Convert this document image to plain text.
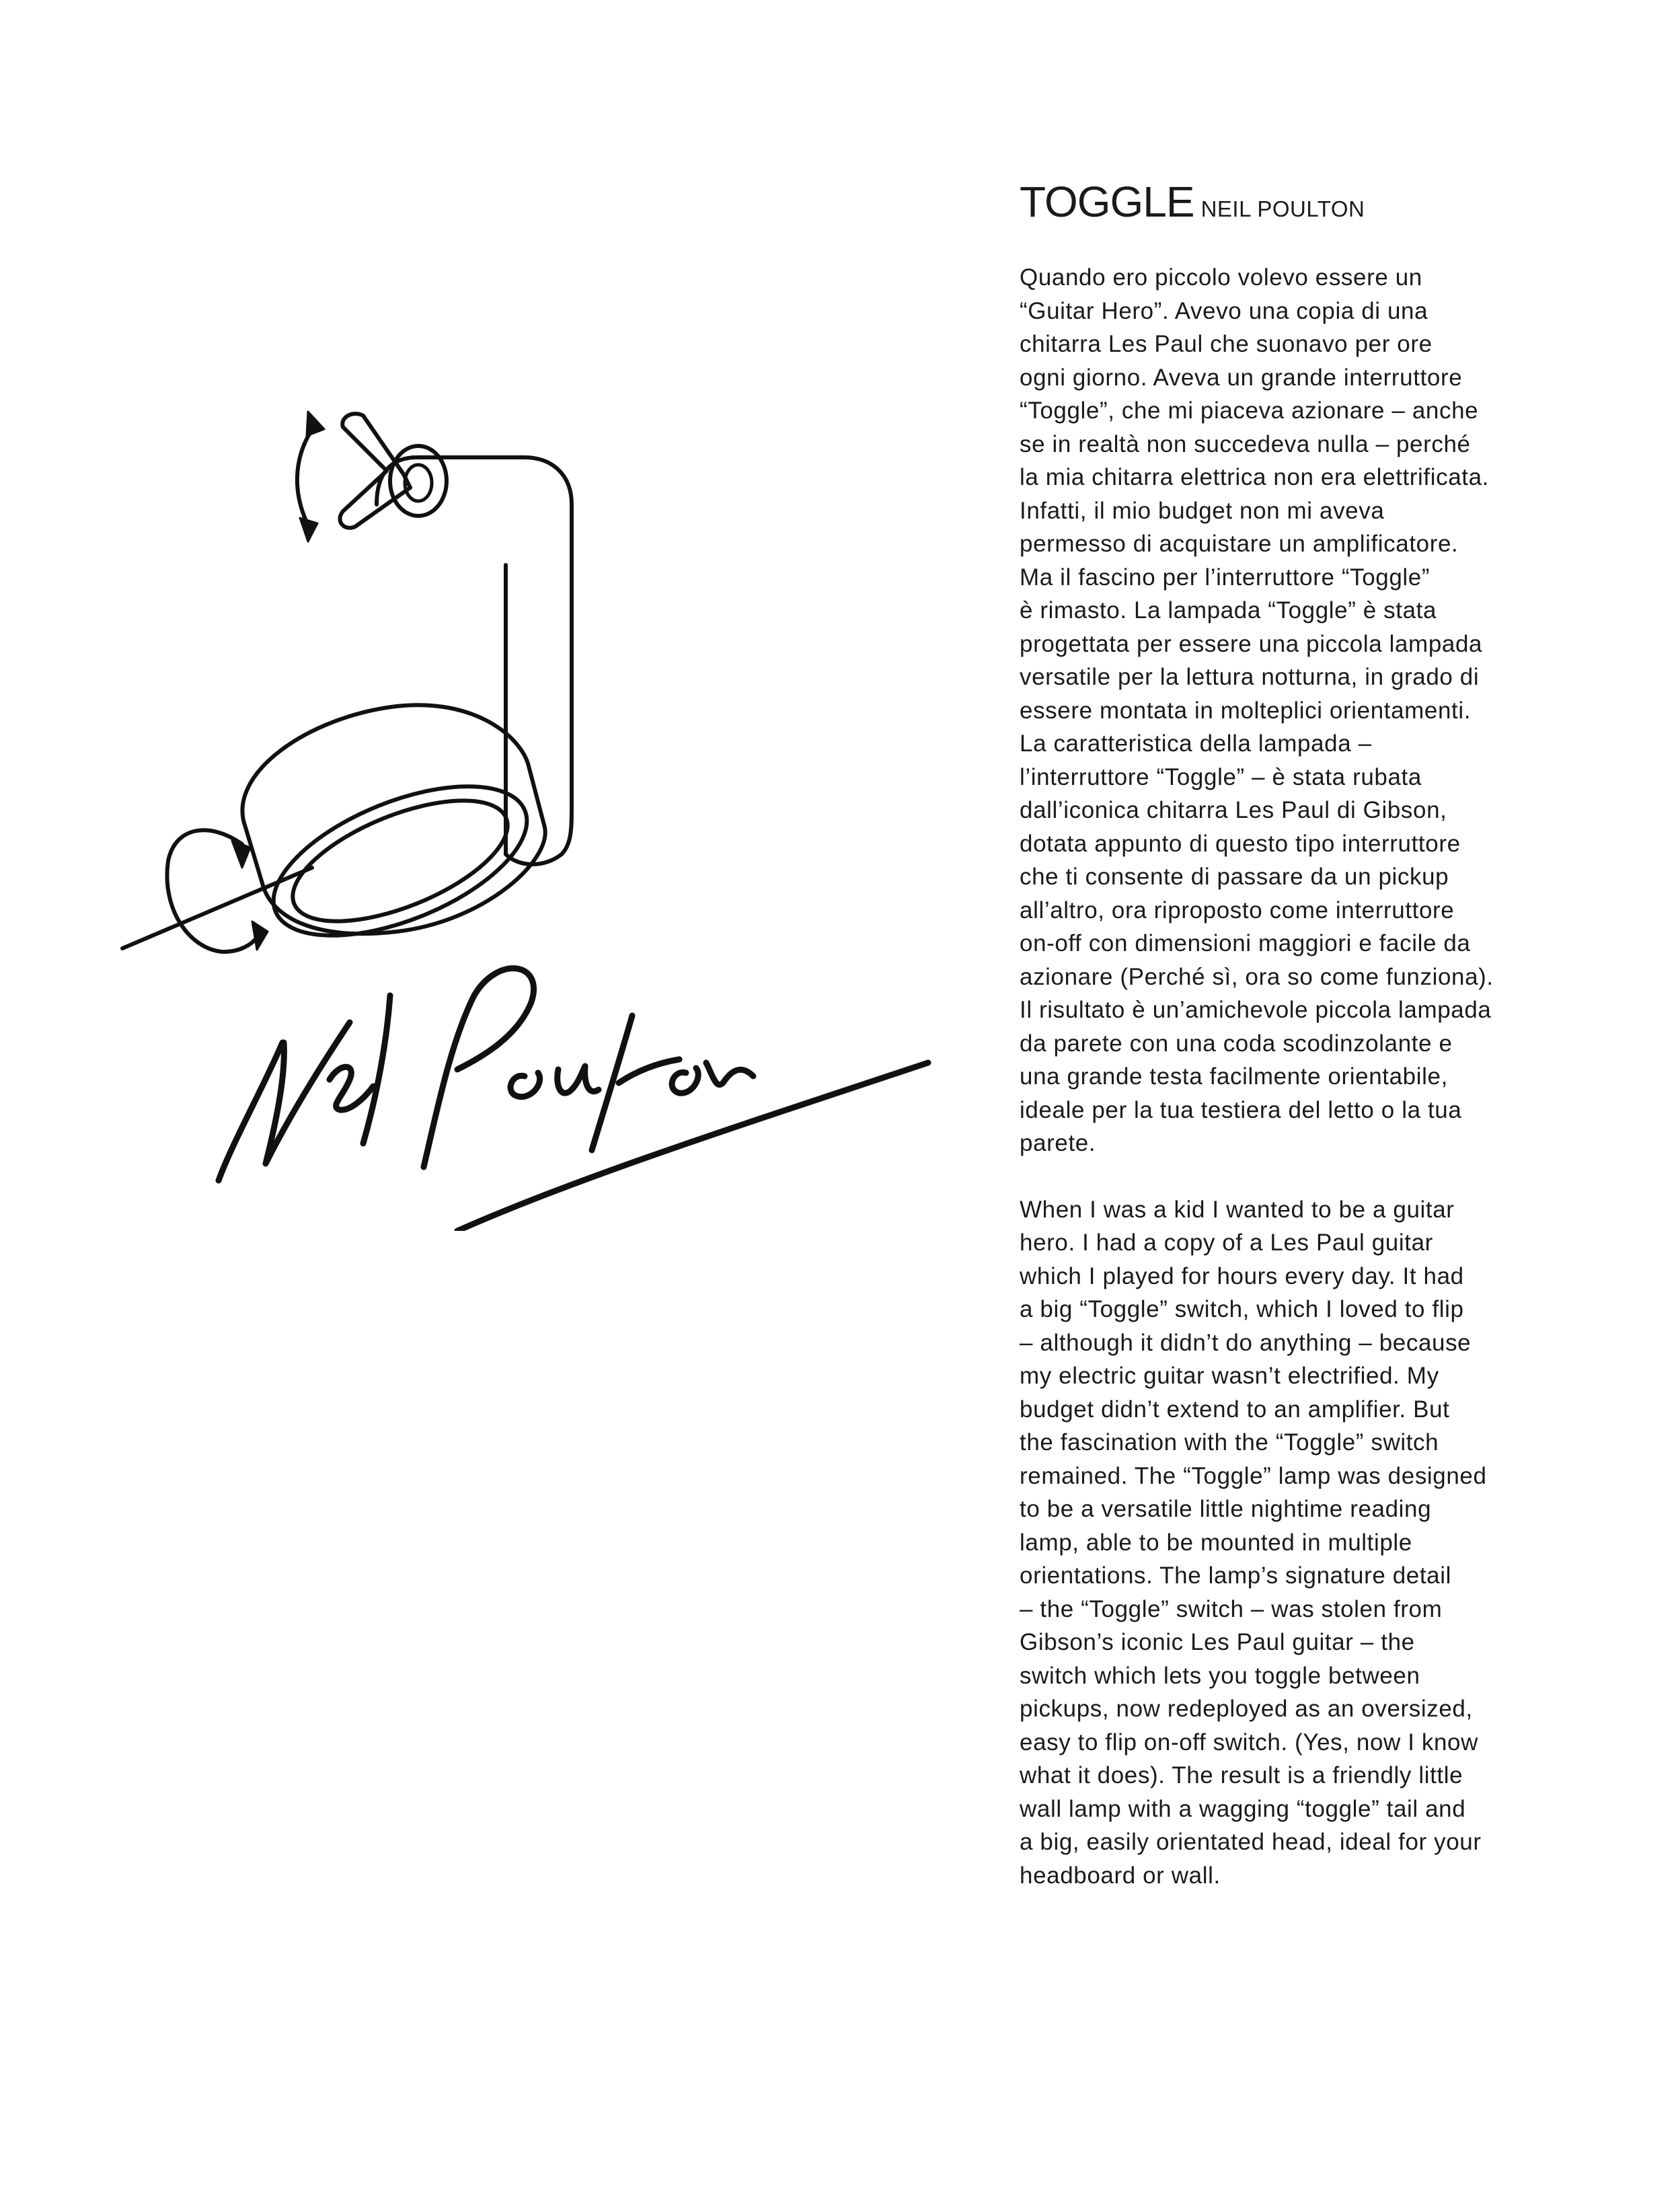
TOGGLE NEIL POULTON

Quando ero piccolo volevo essere un
“Guitar Hero”. Avevo una copia di una
chitarra Les Paul che suonavo per ore
ogni giorno. Aveva un grande interruttore
“Toggle”, che mi piaceva azionare – anche
se in realtà non succedeva nulla – perché
la mia chitarra elettrica non era elettrificata.
Infatti, il mio budget non mi aveva
permesso di acquistare un amplificatore.
Ma il fascino per l’interruttore “Toggle”
è rimasto. La lampada “Toggle” è stata
progettata per essere una piccola lampada
versatile per la lettura notturna, in grado di
essere montata in molteplici orientamenti.
La caratteristica della lampada –
l’interruttore “Toggle” – è stata rubata
dall’iconica chitarra Les Paul di Gibson,
dotata appunto di questo tipo interruttore
che ti consente di passare da un pickup
all’altro, ora riproposto come interruttore
on-off con dimensioni maggiori e facile da
azionare (Perché sì, ora so come funziona).
Il risultato è un’amichevole piccola lampada
da parete con una coda scodinzolante e
una grande testa facilmente orientabile,
ideale per la tua testiera del letto o la tua
parete.

When I was a kid I wanted to be a guitar
hero. I had a copy of a Les Paul guitar
which I played for hours every day. It had
a big “Toggle” switch, which I loved to flip
– although it didn’t do anything – because
my electric guitar wasn’t electrified. My
budget didn’t extend to an amplifier. But
the fascination with the “Toggle” switch
remained. The “Toggle” lamp was designed
to be a versatile little nightime reading
lamp, able to be mounted in multiple
orientations. The lamp’s signature detail
– the “Toggle” switch – was stolen from
Gibson’s iconic Les Paul guitar – the
switch which lets you toggle between
pickups, now redeployed as an oversized,
easy to flip on-off switch. (Yes, now I know
what it does). The result is a friendly little
wall lamp with a wagging “toggle” tail and
a big, easily orientated head, ideal for your
headboard or wall.
